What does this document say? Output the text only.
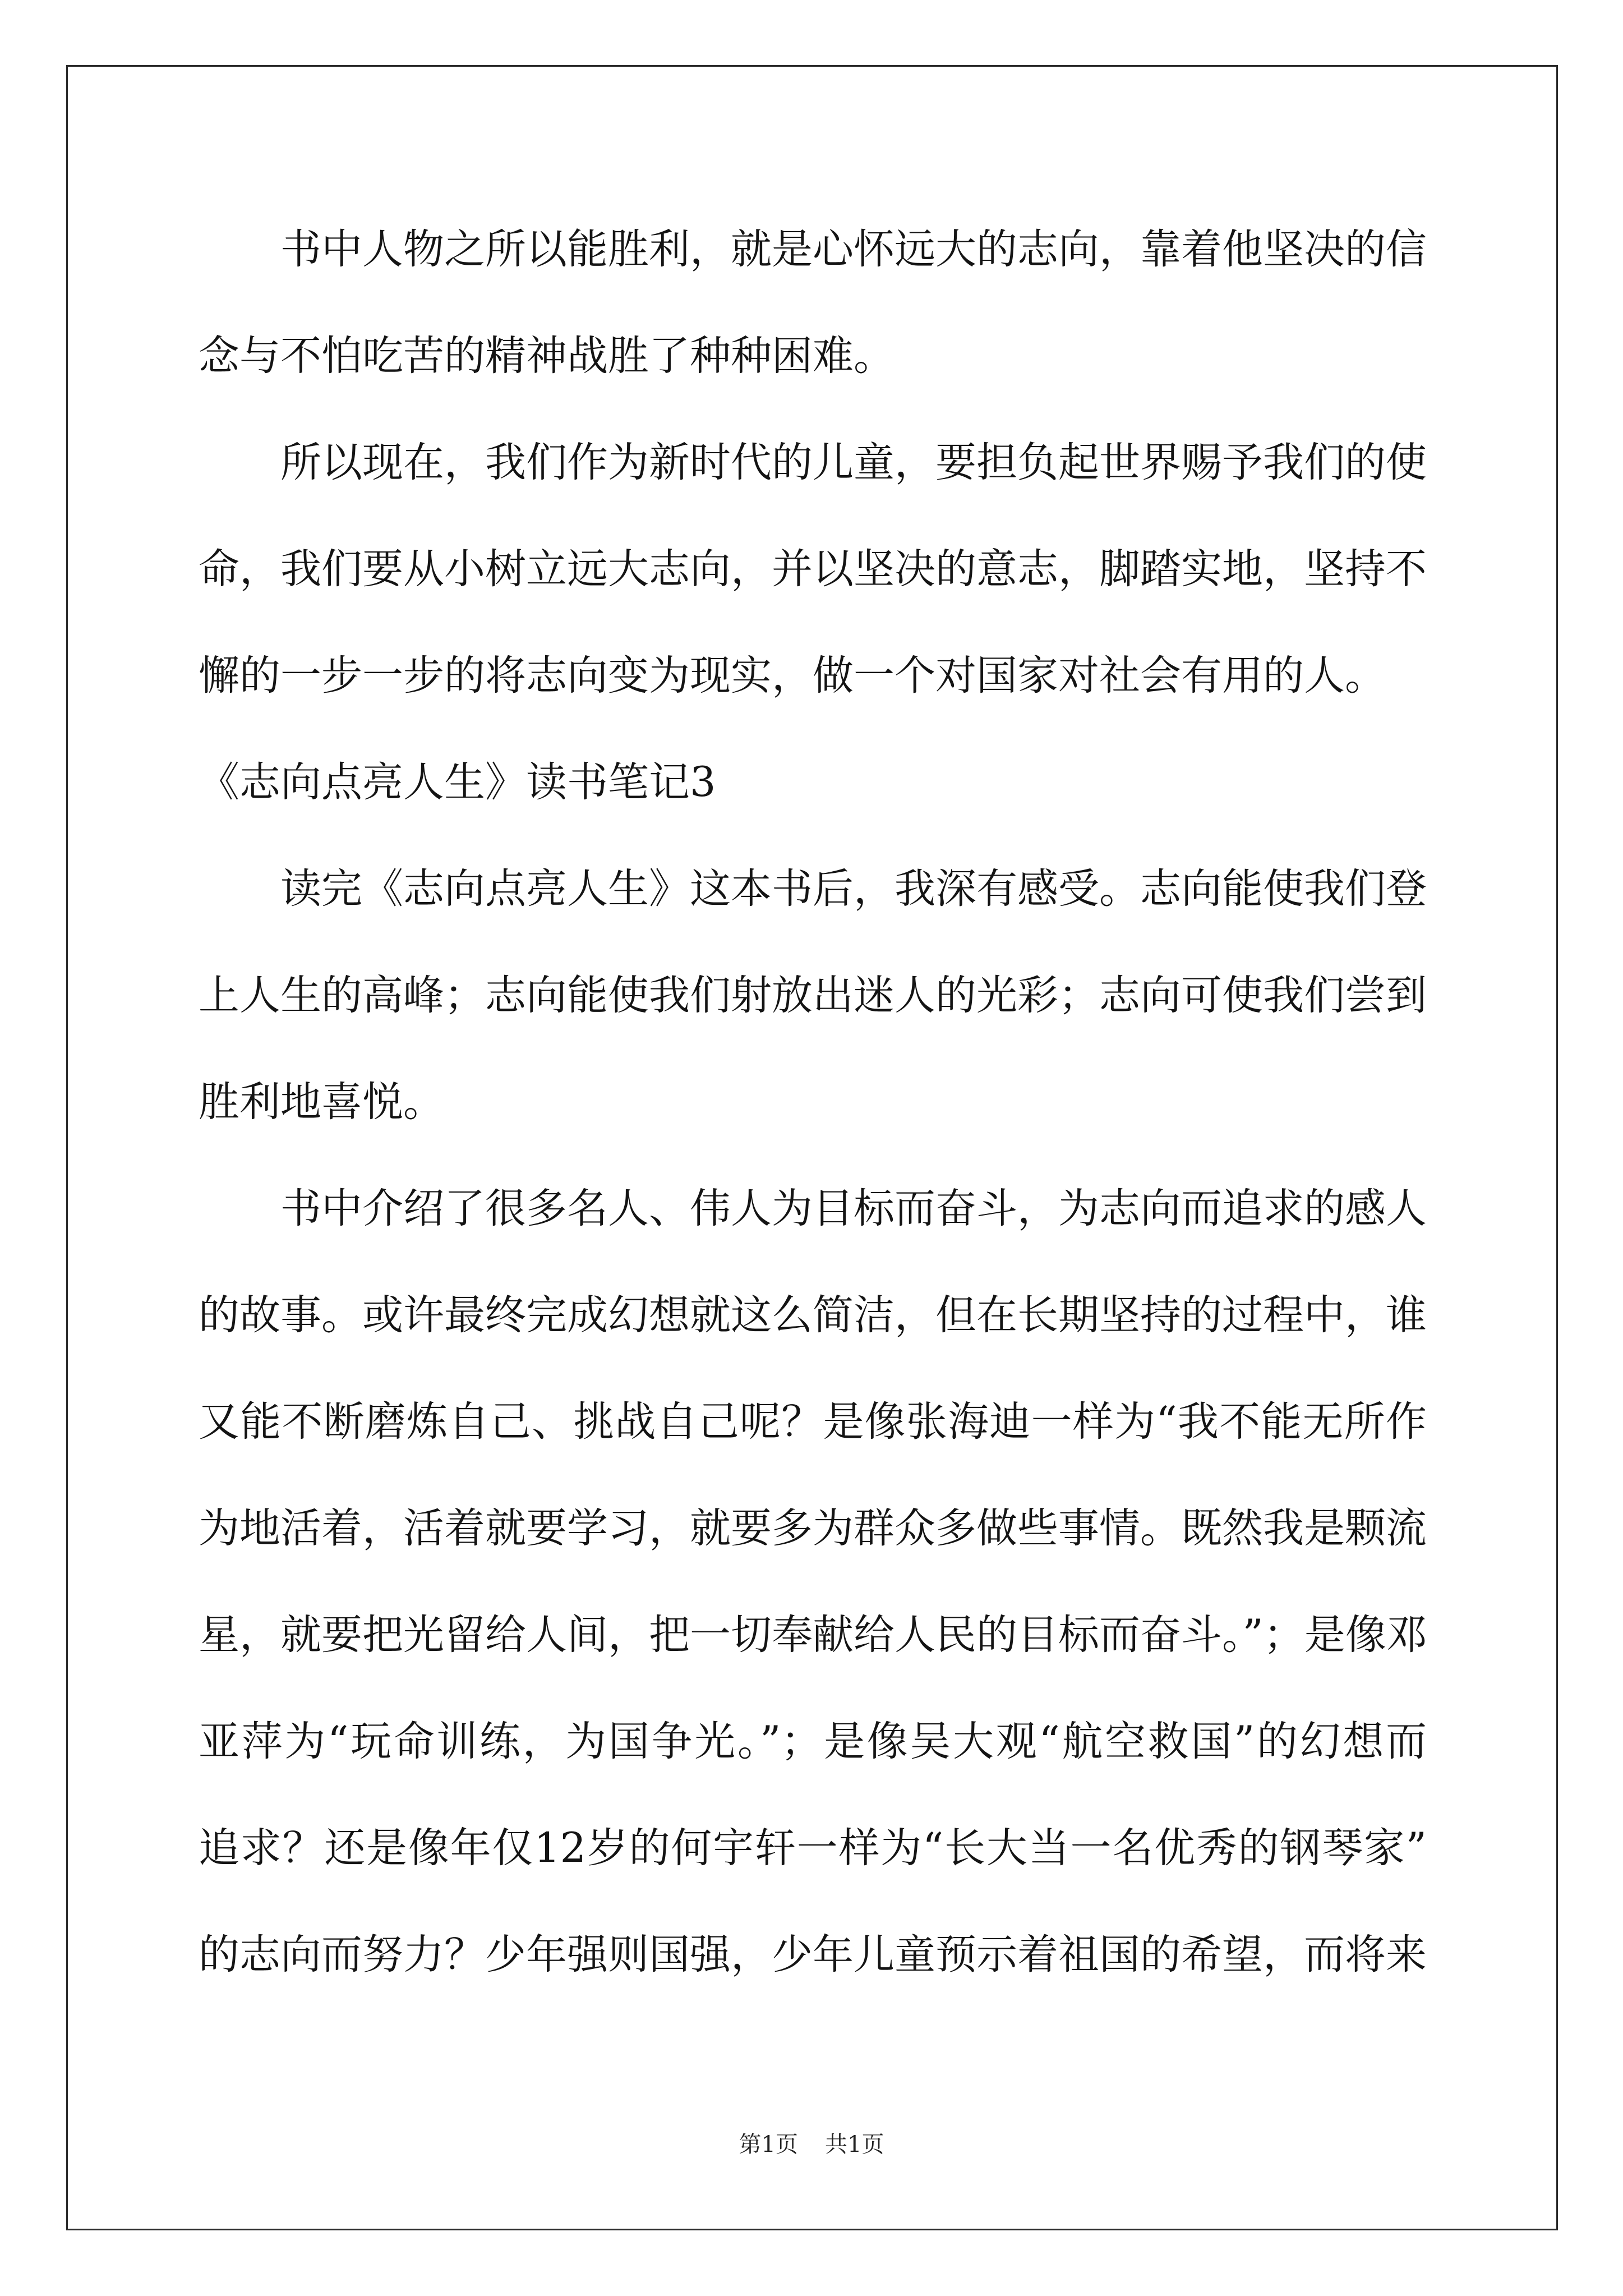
书中人物之所以能胜利，就是心怀远大的志向，靠着他坚决的信
念与不怕吃苦的精神战胜了种种困难。
所以现在，我们作为新时代的儿童，要担负起世界赐予我们的使
命，我们要从小树立远大志向，并以坚决的意志，脚踏实地，坚持不
懈的一步一步的将志向变为现实，做一个对国家对社会有用的人。
《志向点亮人生》读书笔记3
读完《志向点亮人生》这本书后，我深有感受。志向能使我们登
上人生的高峰；志向能使我们射放出迷人的光彩；志向可使我们尝到
胜利地喜悦。
书中介绍了很多名人、伟人为目标而奋斗，为志向而追求的感人
的故事。或许最终完成幻想就这么简洁，但在长期坚持的过程中，谁
又能不断磨炼自己、挑战自己呢？是像张海迪一样为“我不能无所作
为地活着，活着就要学习，就要多为群众多做些事情。既然我是颗流
星，就要把光留给人间，把一切奉献给人民的目标而奋斗。”；是像邓
亚萍为“玩命训练，为国争光。”；是像吴大观“航空救国”的幻想而
追求？还是像年仅12岁的何宇轩一样为“长大当一名优秀的钢琴家”
的志向而努力？少年强则国强，少年儿童预示着祖国的希望，而将来
第1页 共1页
